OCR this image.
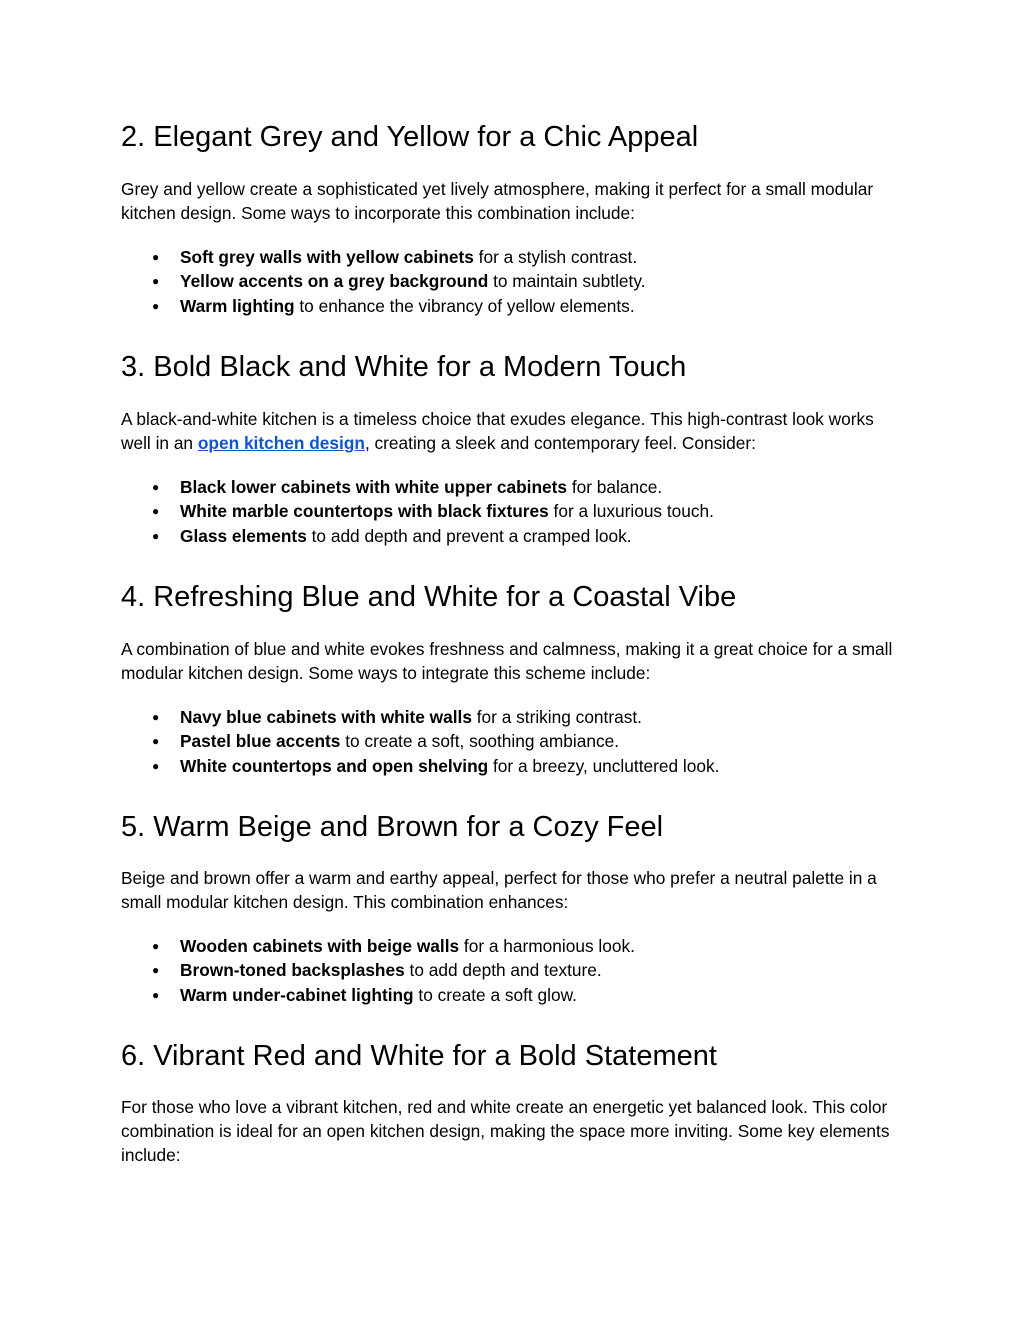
2. Elegant Grey and Yellow for a Chic Appeal

Grey and yellow create a sophisticated yet lively atmosphere, making it perfect for a small modular kitchen design. Some ways to incorporate this combination include:

● Soft grey walls with yellow cabinets for a stylish contrast.
● Yellow accents on a grey background to maintain subtlety.
● Warm lighting to enhance the vibrancy of yellow elements.
3. Bold Black and White for a Modern Touch

A black-and-white kitchen is a timeless choice that exudes elegance. This high-contrast look works well in an open kitchen design, creating a sleek and contemporary feel. Consider:

● Black lower cabinets with white upper cabinets for balance.
● White marble countertops with black fixtures for a luxurious touch.
● Glass elements to add depth and prevent a cramped look.
4. Refreshing Blue and White for a Coastal Vibe

A combination of blue and white evokes freshness and calmness, making it a great choice for a small modular kitchen design. Some ways to integrate this scheme include:

● Navy blue cabinets with white walls for a striking contrast.
● Pastel blue accents to create a soft, soothing ambiance.
● White countertops and open shelving for a breezy, uncluttered look.
5. Warm Beige and Brown for a Cozy Feel

Beige and brown offer a warm and earthy appeal, perfect for those who prefer a neutral palette in a small modular kitchen design. This combination enhances:

● Wooden cabinets with beige walls for a harmonious look.
● Brown-toned backsplashes to add depth and texture.
● Warm under-cabinet lighting to create a soft glow.
6. Vibrant Red and White for a Bold Statement

For those who love a vibrant kitchen, red and white create an energetic yet balanced look. This color combination is ideal for an open kitchen design, making the space more inviting. Some key elements include:
